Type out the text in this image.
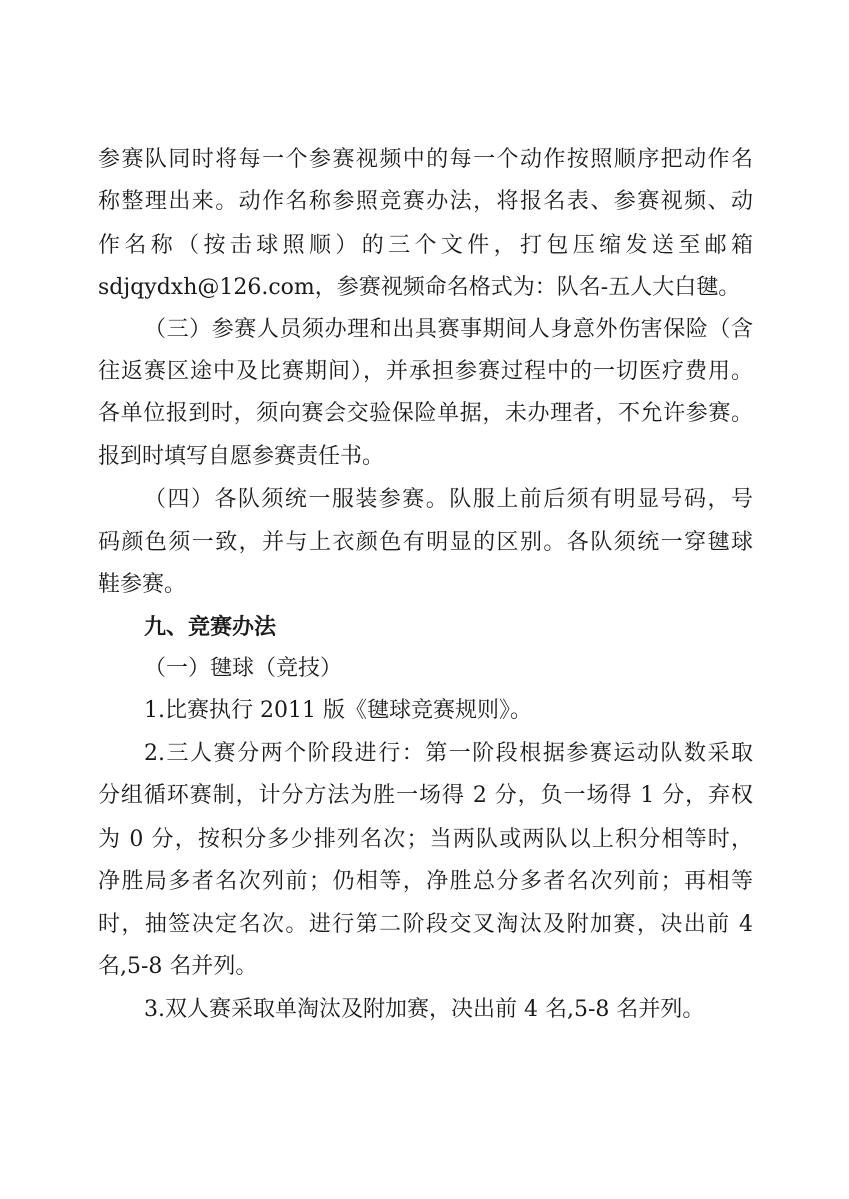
参赛队同时将每一个参赛视频中的每一个动作按照顺序把动作名
称整理出来。动作名称参照竞赛办法，将报名表、参赛视频、动
作名称（按击球照顺）的三个文件，打包压缩发送至邮箱
sdjqydxh@126.com，参赛视频命名格式为：队名-五人大白毽。
（三）参赛人员须办理和出具赛事期间人身意外伤害保险（含
往返赛区途中及比赛期间），并承担参赛过程中的一切医疗费用。
各单位报到时，须向赛会交验保险单据，未办理者，不允许参赛。
报到时填写自愿参赛责任书。
（四）各队须统一服装参赛。队服上前后须有明显号码，号
码颜色须一致，并与上衣颜色有明显的区别。各队须统一穿毽球
鞋参赛。
九、竞赛办法
（一）毽球（竞技）
1.比赛执行 2011 版《毽球竞赛规则》。
2.三人赛分两个阶段进行：第一阶段根据参赛运动队数采取
分组循环赛制，计分方法为胜一场得 2 分，负一场得 1 分，弃权
为 0 分，按积分多少排列名次；当两队或两队以上积分相等时，
净胜局多者名次列前；仍相等，净胜总分多者名次列前；再相等
时，抽签决定名次。进行第二阶段交叉淘汰及附加赛，决出前 4
名,5-8 名并列。
3.双人赛采取单淘汰及附加赛，决出前 4 名,5-8 名并列。
